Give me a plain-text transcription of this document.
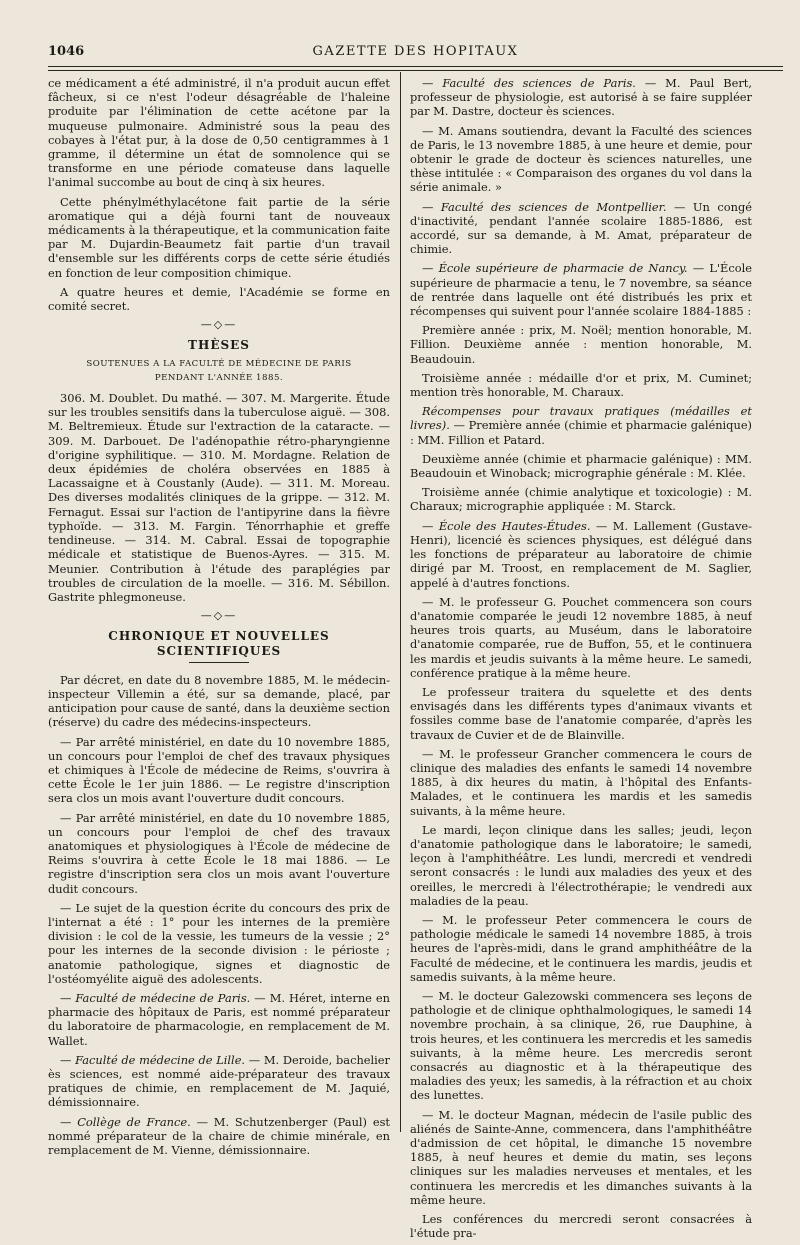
1046	GAZETTE DES HOPITAUX

ce médicament a été administré, il n'a produit aucun effet fâcheux, si ce n'est l'odeur désagréable de l'haleine produite par l'élimination de cette acétone par la muqueuse pulmonaire. Administré sous la peau des cobayes à l'état pur, à la dose de 0,50 centigrammes à 1 gramme, il détermine un état de somnolence qui se transforme en une période comateuse dans laquelle l'animal succombe au bout de cinq à six heures.

Cette phénylméthylacétone fait partie de la série aromatique qui a déjà fourni tant de nouveaux médicaments à la thérapeutique, et la communication faite par M. Dujardin-Beaumetz fait partie d'un travail d'ensemble sur les différents corps de cette série étudiés en fonction de leur composition chimique.

A quatre heures et demie, l'Académie se forme en comité secret.

—◇—
THÈSES
SOUTENUES A LA FACULTÉ DE MÉDECINE DE PARIS
PENDANT L'ANNÉE 1885.

306. M. Doublet. Du mathé. — 307. M. Margerite. Étude sur les troubles sensitifs dans la tuberculose aiguë. — 308. M. Beltremieux. Étude sur l'extraction de la cataracte. — 309. M. Darbouet. De l'adénopathie rétro-pharyngienne d'origine syphilitique. — 310. M. Mordagne. Relation de deux épidémies de choléra observées en 1885 à Lacassaigne et à Coustanly (Aude). — 311. M. Moreau. Des diverses modalités cliniques de la grippe. — 312. M. Fernagut. Essai sur l'action de l'antipyrine dans la fièvre typhoïde. — 313. M. Fargin. Ténorrhaphie et greffe tendineuse. — 314. M. Cabral. Essai de topographie médicale et statistique de Buenos-Ayres. — 315. M. Meunier. Contribution à l'étude des paraplégies par troubles de circulation de la moelle. — 316. M. Sébillon. Gastrite phlegmoneuse.

—◇—
CHRONIQUE ET NOUVELLES SCIENTIFIQUES

Par décret, en date du 8 novembre 1885, M. le médecin-inspecteur Villemin a été, sur sa demande, placé, par anticipation pour cause de santé, dans la deuxième section (réserve) du cadre des médecins-inspecteurs.

— Par arrêté ministériel, en date du 10 novembre 1885, un concours pour l'emploi de chef des travaux physiques et chimiques à l'École de médecine de Reims, s'ouvrira à cette École le 1er juin 1886. — Le registre d'inscription sera clos un mois avant l'ouverture dudit concours.

— Par arrêté ministériel, en date du 10 novembre 1885, un concours pour l'emploi de chef des travaux anatomiques et physiologiques à l'École de médecine de Reims s'ouvrira à cette École le 18 mai 1886. — Le registre d'inscription sera clos un mois avant l'ouverture dudit concours.

— Le sujet de la question écrite du concours des prix de l'internat a été : 1° pour les internes de la première division : le col de la vessie, les tumeurs de la vessie ; 2° pour les internes de la seconde division : le périoste ; anatomie pathologique, signes et diagnostic de l'ostéomyélite aiguë des adolescents.

— Faculté de médecine de Paris. — M. Héret, interne en pharmacie des hôpitaux de Paris, est nommé préparateur du laboratoire de pharmacologie, en remplacement de M. Wallet.

— Faculté de médecine de Lille. — M. Deroide, bachelier ès sciences, est nommé aide-préparateur des travaux pratiques de chimie, en remplacement de M. Jaquié, démissionnaire.

— Collège de France. — M. Schutzenberger (Paul) est nommé préparateur de la chaire de chimie minérale, en remplacement de M. Vienne, démissionnaire.

— Faculté des sciences de Paris. — M. Paul Bert, professeur de physiologie, est autorisé à se faire suppléer par M. Dastre, docteur ès sciences.

— M. Amans soutiendra, devant la Faculté des sciences de Paris, le 13 novembre 1885, à une heure et demie, pour obtenir le grade de docteur ès sciences naturelles, une thèse intitulée : « Comparaison des organes du vol dans la série animale. »

— Faculté des sciences de Montpellier. — Un congé d'inactivité, pendant l'année scolaire 1885-1886, est accordé, sur sa demande, à M. Amat, préparateur de chimie.

— École supérieure de pharmacie de Nancy. — L'École supérieure de pharmacie a tenu, le 7 novembre, sa séance de rentrée dans laquelle ont été distribués les prix et récompenses qui suivent pour l'année scolaire 1884-1885 :

Première année : prix, M. Noël; mention honorable, M. Fillion. Deuxième année : mention honorable, M. Beaudouin.

Troisième année : médaille d'or et prix, M. Cuminet; mention très honorable, M. Charaux.

Récompenses pour travaux pratiques (médailles et livres). — Première année (chimie et pharmacie galénique) : MM. Fillion et Patard.

Deuxième année (chimie et pharmacie galénique) : MM. Beaudouin et Winoback; micrographie générale : M. Klée.

Troisième année (chimie analytique et toxicologie) : M. Charaux; micrographie appliquée : M. Starck.

— École des Hautes-Études. — M. Lallement (Gustave-Henri), licencié ès sciences physiques, est délégué dans les fonctions de préparateur au laboratoire de chimie dirigé par M. Troost, en remplacement de M. Saglier, appelé à d'autres fonctions.

— M. le professeur G. Pouchet commencera son cours d'anatomie comparée le jeudi 12 novembre 1885, à neuf heures trois quarts, au Muséum, dans le laboratoire d'anatomie comparée, rue de Buffon, 55, et le continuera les mardis et jeudis suivants à la même heure. Le samedi, conférence pratique à la même heure.

Le professeur traitera du squelette et des dents envisagés dans les différents types d'animaux vivants et fossiles comme base de l'anatomie comparée, d'après les travaux de Cuvier et de de Blainville.

— M. le professeur Grancher commencera le cours de clinique des maladies des enfants le samedi 14 novembre 1885, à dix heures du matin, à l'hôpital des Enfants-Malades, et le continuera les mardis et les samedis suivants, à la même heure.

Le mardi, leçon clinique dans les salles; jeudi, leçon d'anatomie pathologique dans le laboratoire; le samedi, leçon à l'amphithéâtre. Les lundi, mercredi et vendredi seront consacrés : le lundi aux maladies des yeux et des oreilles, le mercredi à l'électrothérapie; le vendredi aux maladies de la peau.

— M. le professeur Peter commencera le cours de pathologie médicale le samedi 14 novembre 1885, à trois heures de l'après-midi, dans le grand amphithéâtre de la Faculté de médecine, et le continuera les mardis, jeudis et samedis suivants, à la même heure.

— M. le docteur Galezowski commencera ses leçons de pathologie et de clinique ophthalmologiques, le samedi 14 novembre prochain, à sa clinique, 26, rue Dauphine, à trois heures, et les continuera les mercredis et les samedis suivants, à la même heure. Les mercredis seront consacrés au diagnostic et à la thérapeutique des maladies des yeux; les samedis, à la réfraction et au choix des lunettes.

— M. le docteur Magnan, médecin de l'asile public des aliénés de Sainte-Anne, commencera, dans l'amphithéâtre d'admission de cet hôpital, le dimanche 15 novembre 1885, à neuf heures et demie du matin, ses leçons cliniques sur les maladies nerveuses et mentales, et les continuera les mercredis et les dimanches suivants à la même heure.

Les conférences du mercredi seront consacrées à l'étude pra-
